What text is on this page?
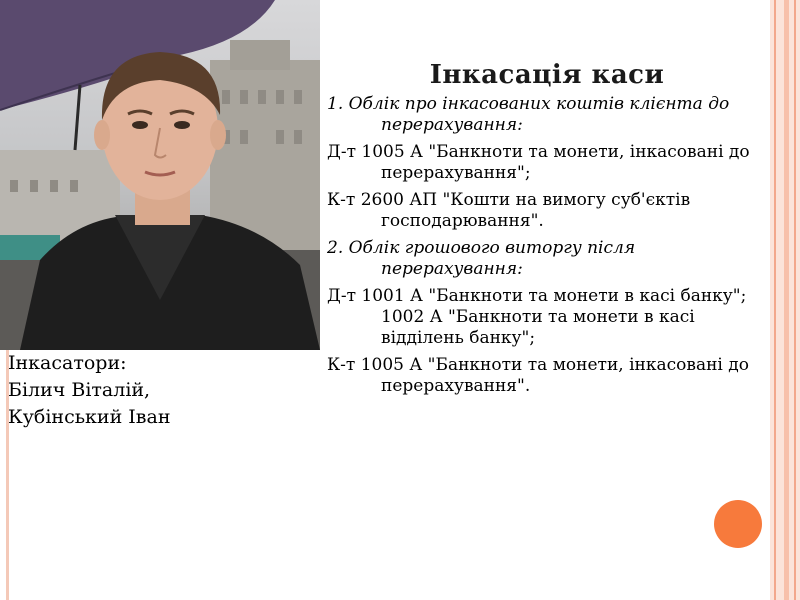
Інкасатори:
Білич Віталій,
Кубінський Іван
Інкасація каси
1. Облік про інкасованих коштів клієнта до перерахування:
Д-т 1005 А "Банкноти та монети, інкасовані до перерахування";
К-т 2600 АП "Кошти на вимогу суб'єктів господарювання".
2. Облік грошового виторгу після перерахування:
Д-т 1001 А "Банкноти та монети в касі банку"; 1002 А "Банкноти та монети в касі відділень банку";
К-т 1005 А "Банкноти та монети, інкасовані до перерахування".
